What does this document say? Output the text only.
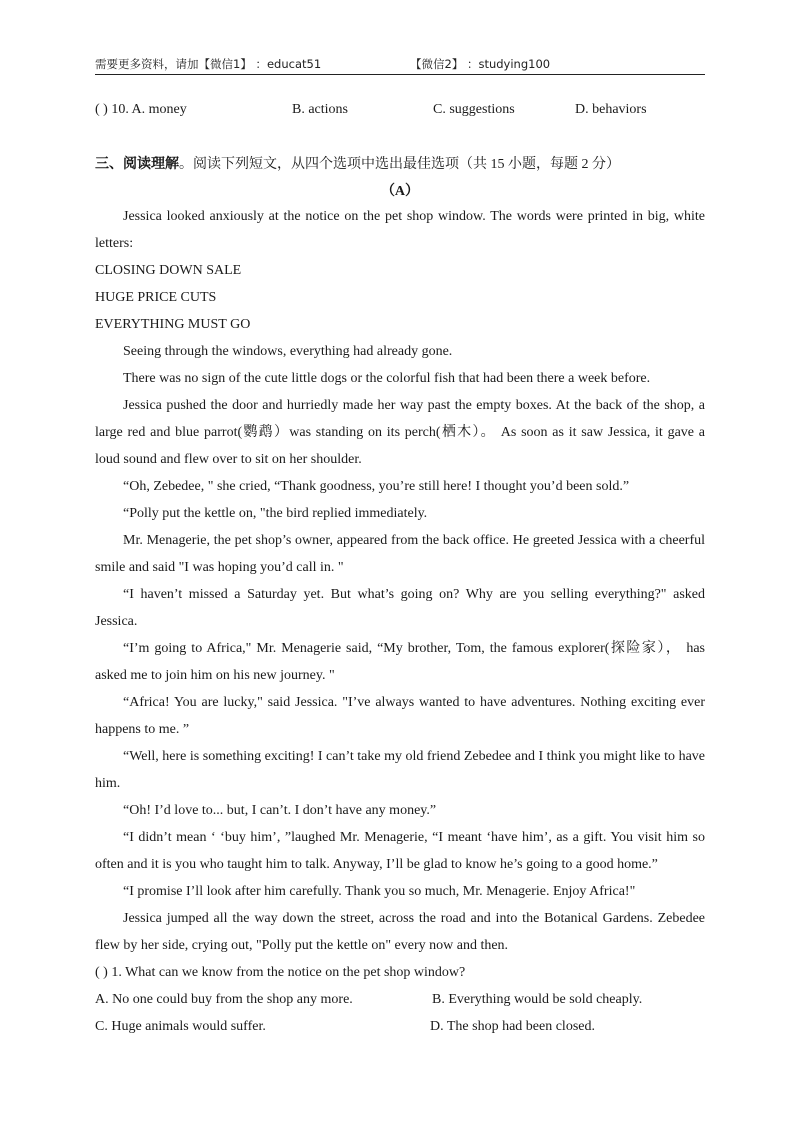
需要更多资料，请加【微信1】 ：educat51	【微信2】 ：studying100
( ) 10. A. money	B. actions	C. suggestions	D. behaviors
三、阅读理解。阅读下列短文，从四个选项中选出最佳选项（共 15 小题，每题 2 分）
（A）
Jessica looked anxiously at the notice on the pet shop window. The words were printed in big, white
letters:
CLOSING DOWN SALE
HUGE PRICE CUTS
EVERYTHING MUST GO
Seeing through the windows, everything had already gone.
There was no sign of the cute little dogs or the colorful fish that had been there a week before.
Jessica pushed the door and hurriedly made her way past the empty boxes. At the back of the shop, a
large red and blue parrot(鹦鹉）was standing on its perch(栖木）。 As soon as it saw Jessica, it gave a
loud sound and flew over to sit on her shoulder.
“Oh, Zebedee, " she cried, “Thank goodness, you’re still here! I thought you’d been sold.”
“Polly put the kettle on, "the bird replied immediately.
Mr. Menagerie, the pet shop’s owner, appeared from the back office. He greeted Jessica with a cheerful
smile and said "I was hoping you’d call in. "
“I haven’t missed a Saturday yet. But what’s going on? Why are you selling everything?" asked
Jessica.
“I’m going to Africa," Mr. Menagerie said, “My brother, Tom, the famous explorer(探险家）， has
asked me to join him on his new journey. "
“Africa! You are lucky," said Jessica. "I’ve always wanted to have adventures. Nothing exciting ever
happens to me. ”
“Well, here is something exciting! I can’t take my old friend Zebedee and I think you might like to have
him.
“Oh! I’d love to... but, I can’t. I don’t have any money.”
“I didn’t mean ‘ ‘buy him’, ”laughed Mr. Menagerie, “I meant ‘have him’, as a gift. You visit him so
often and it is you who taught him to talk. Anyway, I’ll be glad to know he’s going to a good home.”
“I promise I’ll look after him carefully. Thank you so much, Mr. Menagerie. Enjoy Africa!"
Jessica jumped all the way down the street, across the road and into the Botanical Gardens. Zebedee
flew by her side, crying out, "Polly put the kettle on" every now and then.
( ) 1. What can we know from the notice on the pet shop window?
A. No one could buy from the shop any more.	B. Everything would be sold cheaply.
C. Huge animals would suffer.	D. The shop had been closed.
